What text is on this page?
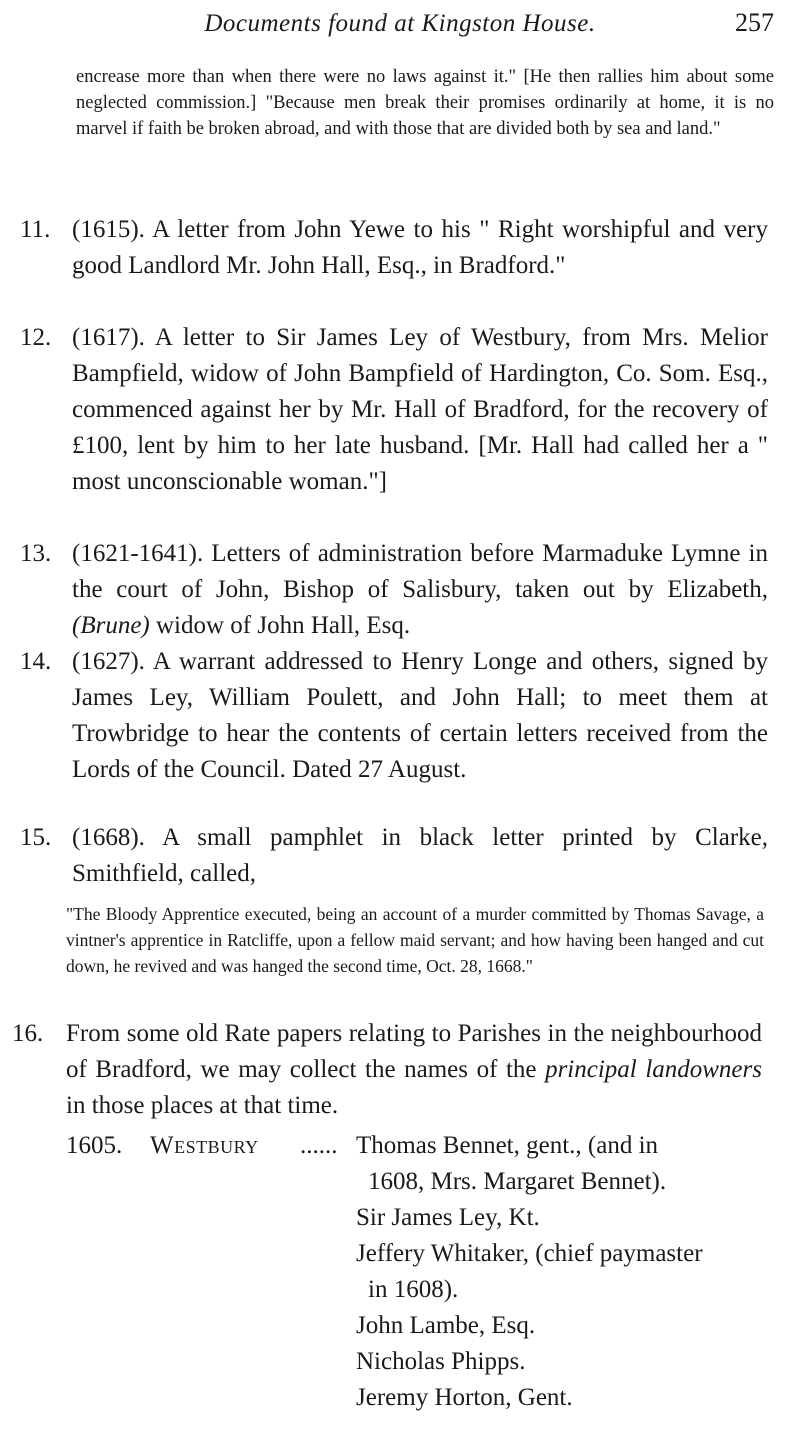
Documents found at Kingston House.	257
encrease more than when there were no laws against it." [He then rallies him about some neglected commission.] "Because men break their promises ordinarily at home, it is no marvel if faith be broken abroad, and with those that are divided both by sea and land."
11. (1615). A letter from John Yewe to his " Right worshipful and very good Landlord Mr. John Hall, Esq., in Bradford."
12. (1617). A letter to Sir James Ley of Westbury, from Mrs. Melior Bampfield, widow of John Bampfield of Hardington, Co. Som. Esq., commenced against her by Mr. Hall of Bradford, for the recovery of £100, lent by him to her late husband. [Mr. Hall had called her a " most unconscionable woman."]
13. (1621-1641). Letters of administration before Marmaduke Lymne in the court of John, Bishop of Salisbury, taken out by Elizabeth, (Brune) widow of John Hall, Esq.
14. (1627). A warrant addressed to Henry Longe and others, signed by James Ley, William Poulett, and John Hall; to meet them at Trowbridge to hear the contents of certain letters received from the Lords of the Council. Dated 27 August.
15. (1668). A small pamphlet in black letter printed by Clarke, Smithfield, called,
"The Bloody Apprentice executed, being an account of a murder committed by Thomas Savage, a vintner's apprentice in Ratcliffe, upon a fellow maid servant; and how having been hanged and cut down, he revived and was hanged the second time, Oct. 28, 1668."
16. From some old Rate papers relating to Parishes in the neighbourhood of Bradford, we may collect the names of the principal landowners in those places at that time.
1605. Westbury ...... Thomas Bennet, gent., (and in

1608, Mrs. Margaret Bennet).
Sir James Ley, Kt.
Jeffery Whitaker, (chief paymaster

in 1608).
John Lambe, Esq.
Nicholas Phipps.
Jeremy Horton, Gent.
